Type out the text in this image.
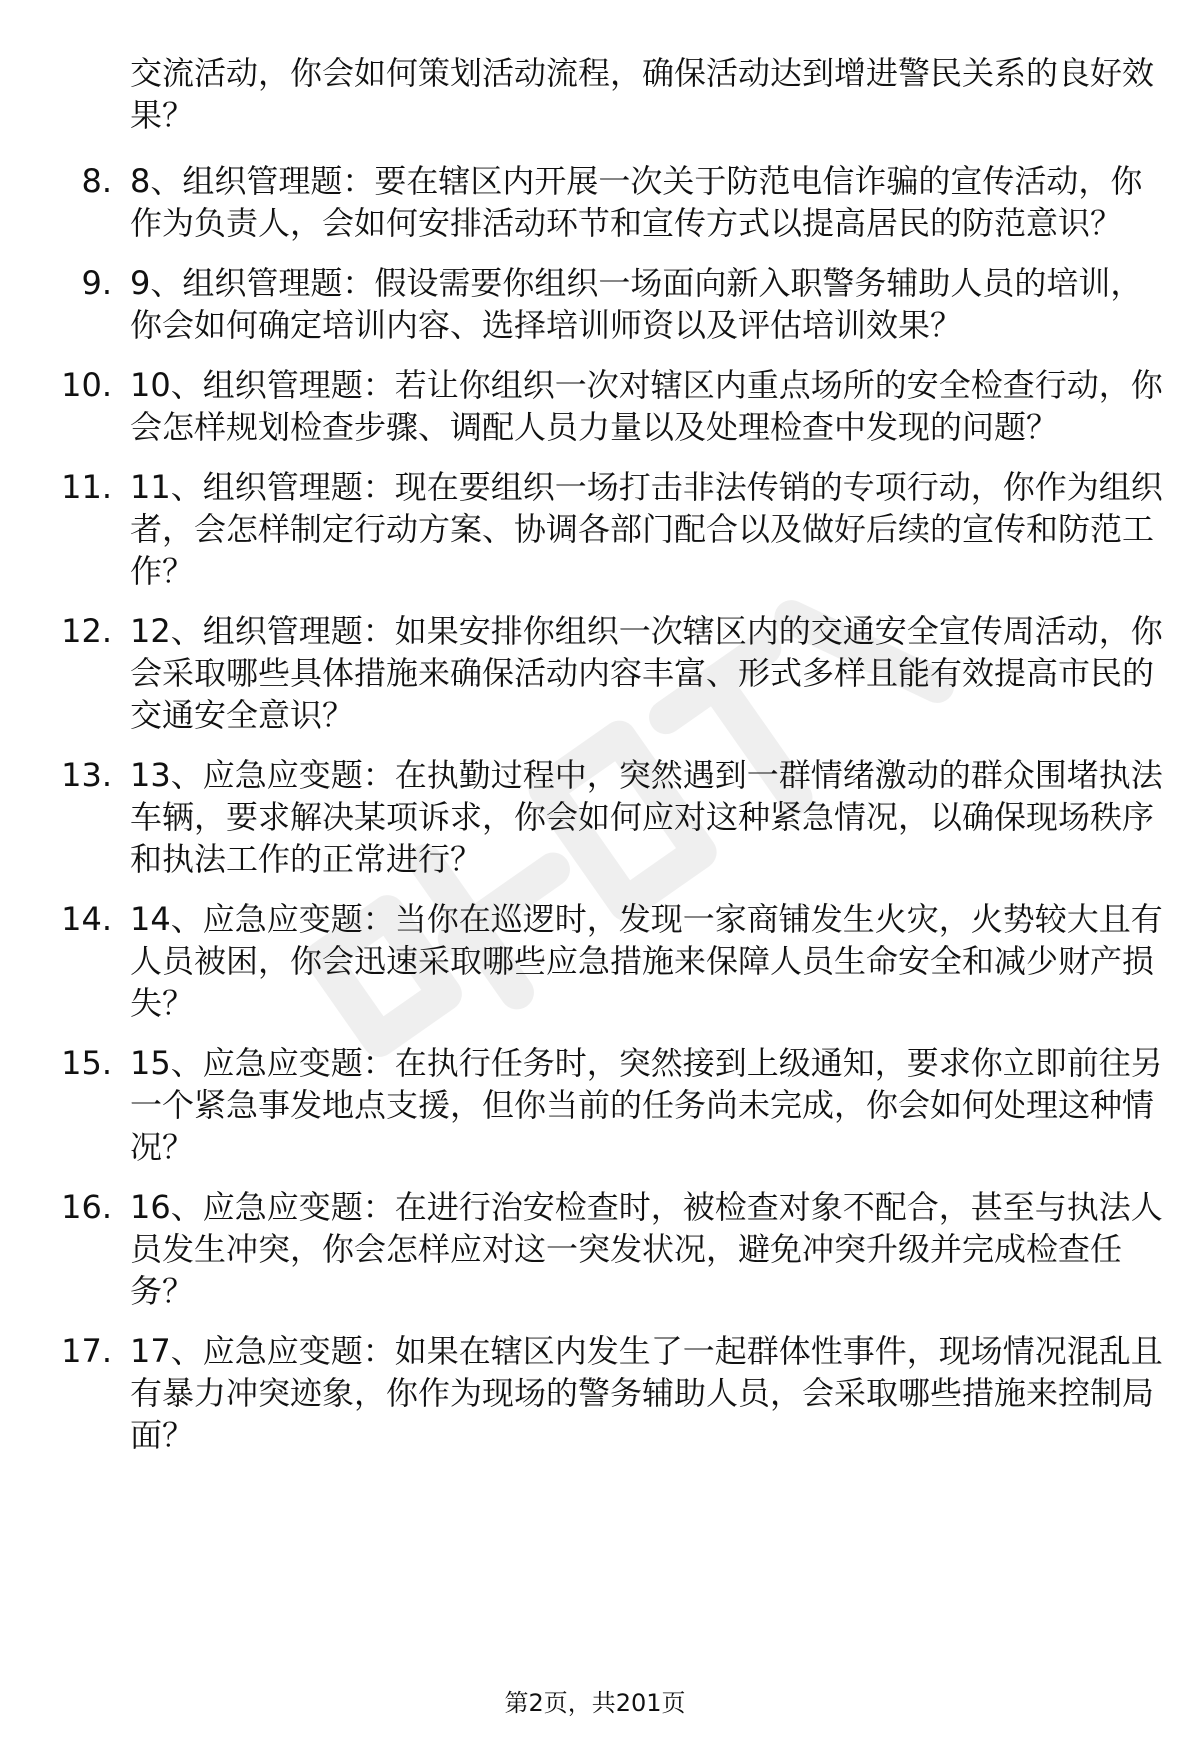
交流活动，你会如何策划活动流程，确保活动达到增进警民关系的良好效果？

8. 8、组织管理题：要在辖区内开展一次关于防范电信诈骗的宣传活动，你作为负责人，会如何安排活动环节和宣传方式以提高居民的防范意识？

9. 9、组织管理题：假设需要你组织一场面向新入职警务辅助人员的培训，你会如何确定培训内容、选择培训师资以及评估培训效果？

10. 10、组织管理题：若让你组织一次对辖区内重点场所的安全检查行动，你会怎样规划检查步骤、调配人员力量以及处理检查中发现的问题？

11. 11、组织管理题：现在要组织一场打击非法传销的专项行动，你作为组织者，会怎样制定行动方案、协调各部门配合以及做好后续的宣传和防范工作？

12. 12、组织管理题：如果安排你组织一次辖区内的交通安全宣传周活动，你会采取哪些具体措施来确保活动内容丰富、形式多样且能有效提高市民的交通安全意识？

13. 13、应急应变题：在执勤过程中，突然遇到一群情绪激动的群众围堵执法车辆，要求解决某项诉求，你会如何应对这种紧急情况，以确保现场秩序和执法工作的正常进行？

14. 14、应急应变题：当你在巡逻时，发现一家商铺发生火灾，火势较大且有人员被困，你会迅速采取哪些应急措施来保障人员生命安全和减少财产损失？

15. 15、应急应变题：在执行任务时，突然接到上级通知，要求你立即前往另一个紧急事发地点支援，但你当前的任务尚未完成，你会如何处理这种情况？

16. 16、应急应变题：在进行治安检查时，被检查对象不配合，甚至与执法人员发生冲突，你会怎样应对这一突发状况，避免冲突升级并完成检查任务？

17. 17、应急应变题：如果在辖区内发生了一起群体性事件，现场情况混乱且有暴力冲突迹象，你作为现场的警务辅助人员，会采取哪些措施来控制局面？

第2页，共201页
